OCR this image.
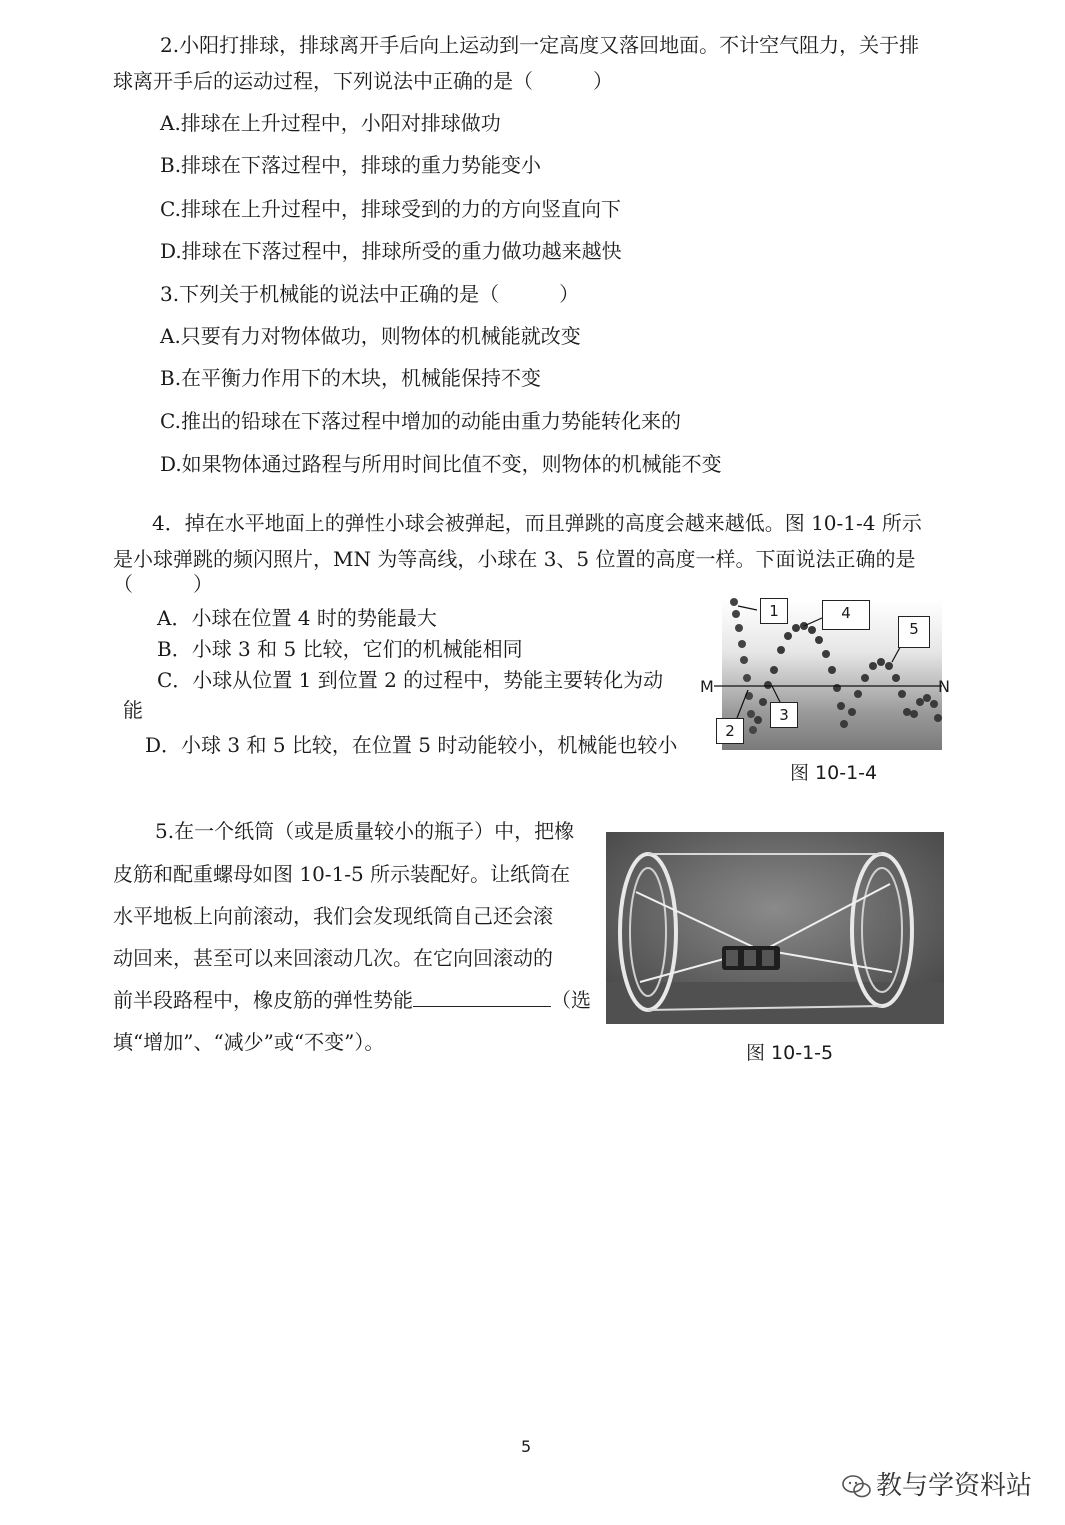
2.小阳打排球，排球离开手后向上运动到一定高度又落回地面。不计空气阻力，关于排
球离开手后的运动过程，下列说法中正确的是（　　　）
A.排球在上升过程中，小阳对排球做功
B.排球在下落过程中，排球的重力势能变小
C.排球在上升过程中，排球受到的力的方向竖直向下
D.排球在下落过程中，排球所受的重力做功越来越快
3.下列关于机械能的说法中正确的是（　　　）
A.只要有力对物体做功，则物体的机械能就改变
B.在平衡力作用下的木块，机械能保持不变
C.推出的铅球在下落过程中增加的动能由重力势能转化来的
D.如果物体通过路程与所用时间比值不变，则物体的机械能不变
4．掉在水平地面上的弹性小球会被弹起，而且弹跳的高度会越来越低。图 10-1-4 所示
是小球弹跳的频闪照片，MN 为等高线，小球在 3、5 位置的高度一样。下面说法正确的是
（　　　）
A．小球在位置 4 时的势能最大
B．小球 3 和 5 比较，它们的机械能相同
C．小球从位置 1 到位置 2 的过程中，势能主要转化为动
能
D．小球 3 和 5 比较，在位置 5 时动能较小，机械能也较小
1
2
3
4
5
M	N
图 10-1-4
5.在一个纸筒（或是质量较小的瓶子）中，把橡
皮筋和配重螺母如图 10-1-5 所示装配好。让纸筒在
水平地板上向前滚动，我们会发现纸筒自己还会滚
动回来，甚至可以来回滚动几次。在它向回滚动的
前半段路程中，橡皮筋的弹性势能	（选
填“增加”、“减少”或“不变”）。	图 10-1-5
5
教与学资料站
